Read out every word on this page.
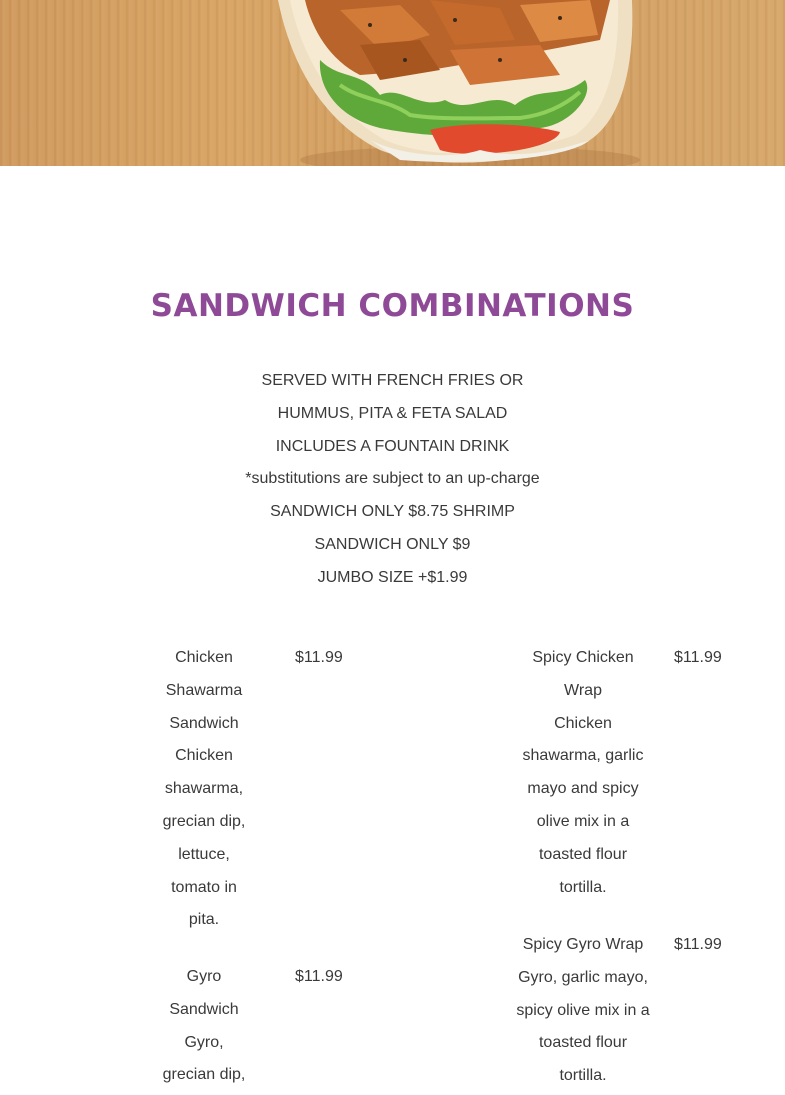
SANDWICH COMBINATIONS
SERVED WITH FRENCH FRIES OR
HUMMUS, PITA & FETA SALAD
INCLUDES A FOUNTAIN DRINK
*substitutions are subject to an up-charge
SANDWICH ONLY $8.75 SHRIMP
SANDWICH ONLY $9
JUMBO SIZE +$1.99
Chicken Shawarma Sandwich
Chicken shawarma, grecian dip, lettuce, tomato in pita.
$11.99	Spicy Chicken Wrap
Chicken shawarma, garlic mayo and spicy olive mix in a toasted flour tortilla.
$11.99
Gyro Sandwich
Gyro, grecian dip,
$11.99
Spicy Gyro Wrap
Gyro, garlic mayo, spicy olive mix in a toasted flour tortilla.
$11.99
